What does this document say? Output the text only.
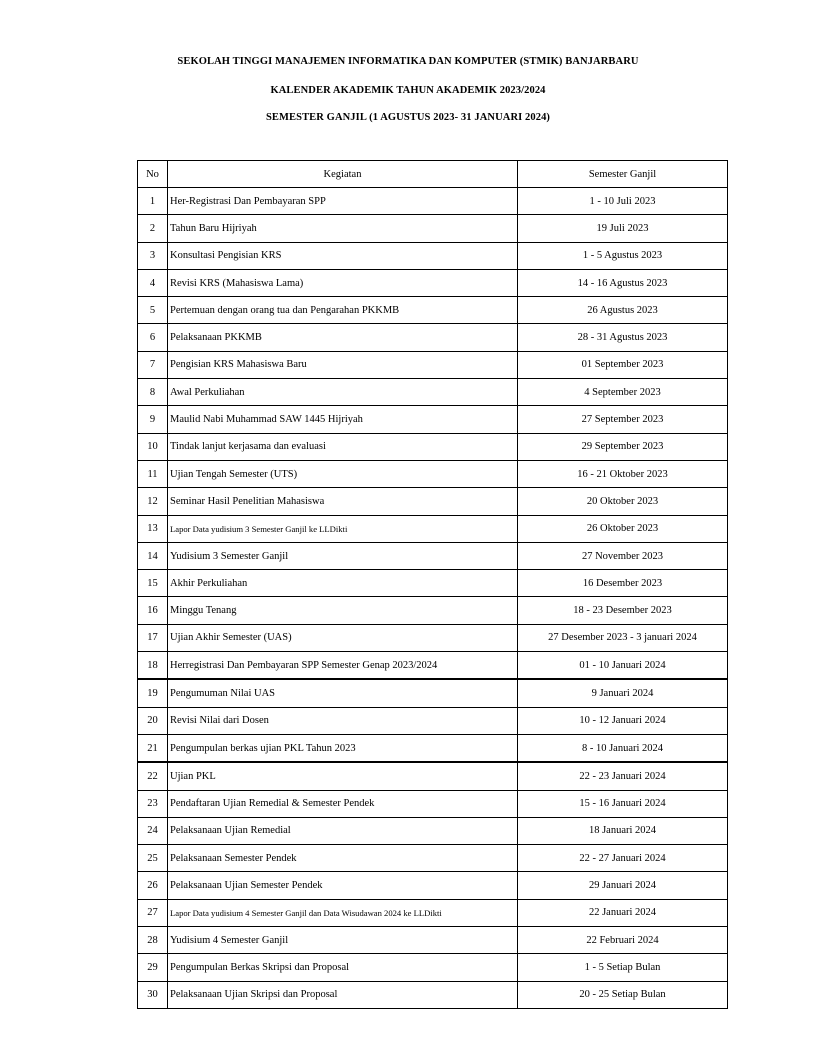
SEKOLAH TINGGI MANAJEMEN INFORMATIKA DAN KOMPUTER (STMIK) BANJARBARU
KALENDER AKADEMIK TAHUN AKADEMIK 2023/2024
SEMESTER GANJIL (1 AGUSTUS 2023- 31 JANUARI 2024)
No	Kegiatan	Semester Ganjil
1	Her-Registrasi Dan Pembayaran SPP	1 - 10 Juli 2023
2	Tahun Baru Hijriyah	19 Juli 2023
3	Konsultasi Pengisian KRS	1 - 5 Agustus 2023
4	Revisi KRS (Mahasiswa Lama)	14 - 16 Agustus 2023
5	Pertemuan dengan orang tua dan Pengarahan PKKMB	26 Agustus 2023
6	Pelaksanaan PKKMB	28 - 31 Agustus 2023
7	Pengisian KRS Mahasiswa Baru	01 September 2023
8	Awal Perkuliahan	4 September 2023
9	Maulid Nabi Muhammad SAW 1445 Hijriyah	27 September 2023
10	Tindak lanjut kerjasama dan evaluasi	29 September 2023
11	Ujian Tengah Semester (UTS)	16 - 21 Oktober 2023
12	Seminar Hasil Penelitian Mahasiswa	20 Oktober 2023
13	Lapor Data yudisium 3 Semester Ganjil ke LLDikti	26 Oktober 2023
14	Yudisium 3 Semester Ganjil	27 November 2023
15	Akhir Perkuliahan	16 Desember 2023
16	Minggu Tenang	18 - 23 Desember 2023
17	Ujian Akhir Semester (UAS)	27 Desember 2023 - 3 januari 2024
18	Herregistrasi Dan Pembayaran SPP Semester Genap 2023/2024	01 - 10 Januari 2024
19	Pengumuman Nilai UAS	9 Januari 2024
20	Revisi Nilai dari Dosen	10 - 12 Januari 2024
21	Pengumpulan berkas ujian PKL Tahun 2023	8 - 10 Januari 2024
22	Ujian PKL	22 - 23 Januari 2024
23	Pendaftaran Ujian Remedial & Semester Pendek	15 - 16 Januari 2024
24	Pelaksanaan Ujian Remedial	18 Januari 2024
25	Pelaksanaan Semester Pendek	22 - 27 Januari 2024
26	Pelaksanaan Ujian Semester Pendek	29 Januari 2024
27	Lapor Data yudisium 4 Semester Ganjil dan Data Wisudawan 2024 ke LLDikti	22 Januari 2024
28	Yudisium 4 Semester Ganjil	22 Februari 2024
29	Pengumpulan Berkas Skripsi dan Proposal	1 - 5 Setiap Bulan
30	Pelaksanaan Ujian Skripsi dan Proposal	20 - 25 Setiap Bulan
